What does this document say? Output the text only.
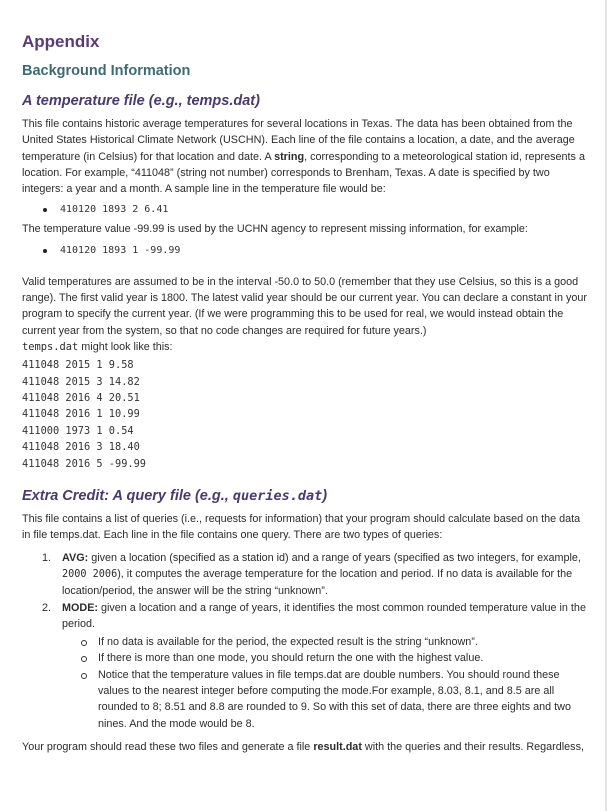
Appendix
Background Information
A temperature file (e.g., temps.dat)

This file contains historic average temperatures for several locations in Texas. The data has been obtained from the United States Historical Climate Network (USCHN). Each line of the file contains a location, a date, and the average temperature (in Celsius) for that location and date. A string, corresponding to a meteorological station id, represents a location. For example, “411048” (string not number) corresponds to Brenham, Texas. A date is specified by two integers: a year and a month. A sample line in the temperature file would be:

410120 1893 2 6.41

The temperature value -99.99 is used by the UCHN agency to represent missing information, for example:

410120 1893 1 -99.99

Valid temperatures are assumed to be in the interval -50.0 to 50.0 (remember that they use Celsius, so this is a good range). The first valid year is 1800. The latest valid year should be our current year. You can declare a constant in your program to specify the current year. (If we were programming this to be used for real, we would instead obtain the current year from the system, so that no code changes are required for future years.)

temps.dat might look like this:

411048 2015 1 9.58
411048 2015 3 14.82
411048 2016 4 20.51
411048 2016 1 10.99
411000 1973 1 0.54
411048 2016 3 18.40
411048 2016 5 -99.99
Extra Credit: A query file (e.g., queries.dat)

This file contains a list of queries (i.e., requests for information) that your program should calculate based on the data in file temps.dat. Each line in the file contains one query. There are two types of queries:

1. AVG: given a location (specified as a station id) and a range of years (specified as two integers, for example, 2000 2006), it computes the average temperature for the location and period. If no data is available for the location/period, the answer will be the string “unknown”.
2. MODE: given a location and a range of years, it identifies the most common rounded temperature value in the period.
If no data is available for the period, the expected result is the string “unknown”.
If there is more than one mode, you should return the one with the highest value.
Notice that the temperature values in file temps.dat are double numbers. You should round these values to the nearest integer before computing the mode.For example, 8.03, 8.1, and 8.5 are all rounded to 8; 8.51 and 8.8 are rounded to 9. So with this set of data, there are three eights and two nines. And the mode would be 8.

Your program should read these two files and generate a file result.dat with the queries and their results. Regardless,
